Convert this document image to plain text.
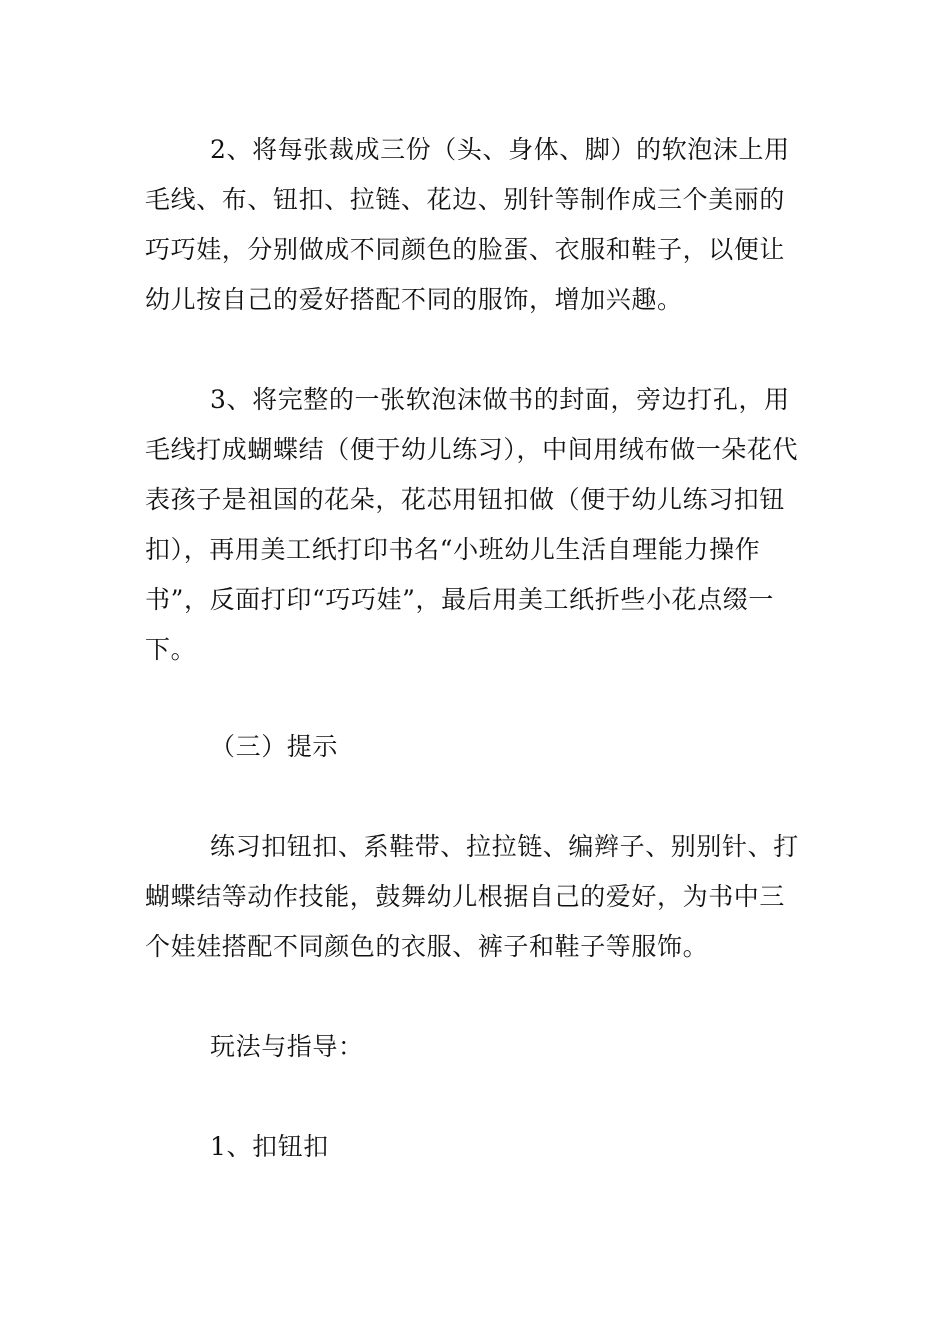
2、将每张裁成三份（头、身体、脚）的软泡沫上用毛线、布、钮扣、拉链、花边、别针等制作成三个美丽的巧巧娃，分别做成不同颜色的脸蛋、衣服和鞋子，以便让幼儿按自己的爱好搭配不同的服饰，增加兴趣。

3、将完整的一张软泡沫做书的封面，旁边打孔，用毛线打成蝴蝶结（便于幼儿练习），中间用绒布做一朵花代表孩子是祖国的花朵，花芯用钮扣做（便于幼儿练习扣钮扣），再用美工纸打印书名“小班幼儿生活自理能力操作书”，反面打印“巧巧娃”，最后用美工纸折些小花点缀一下。

（三）提示

练习扣钮扣、系鞋带、拉拉链、编辫子、别别针、打蝴蝶结等动作技能，鼓舞幼儿根据自己的爱好，为书中三个娃娃搭配不同颜色的衣服、裤子和鞋子等服饰。

玩法与指导：

1、扣钮扣
